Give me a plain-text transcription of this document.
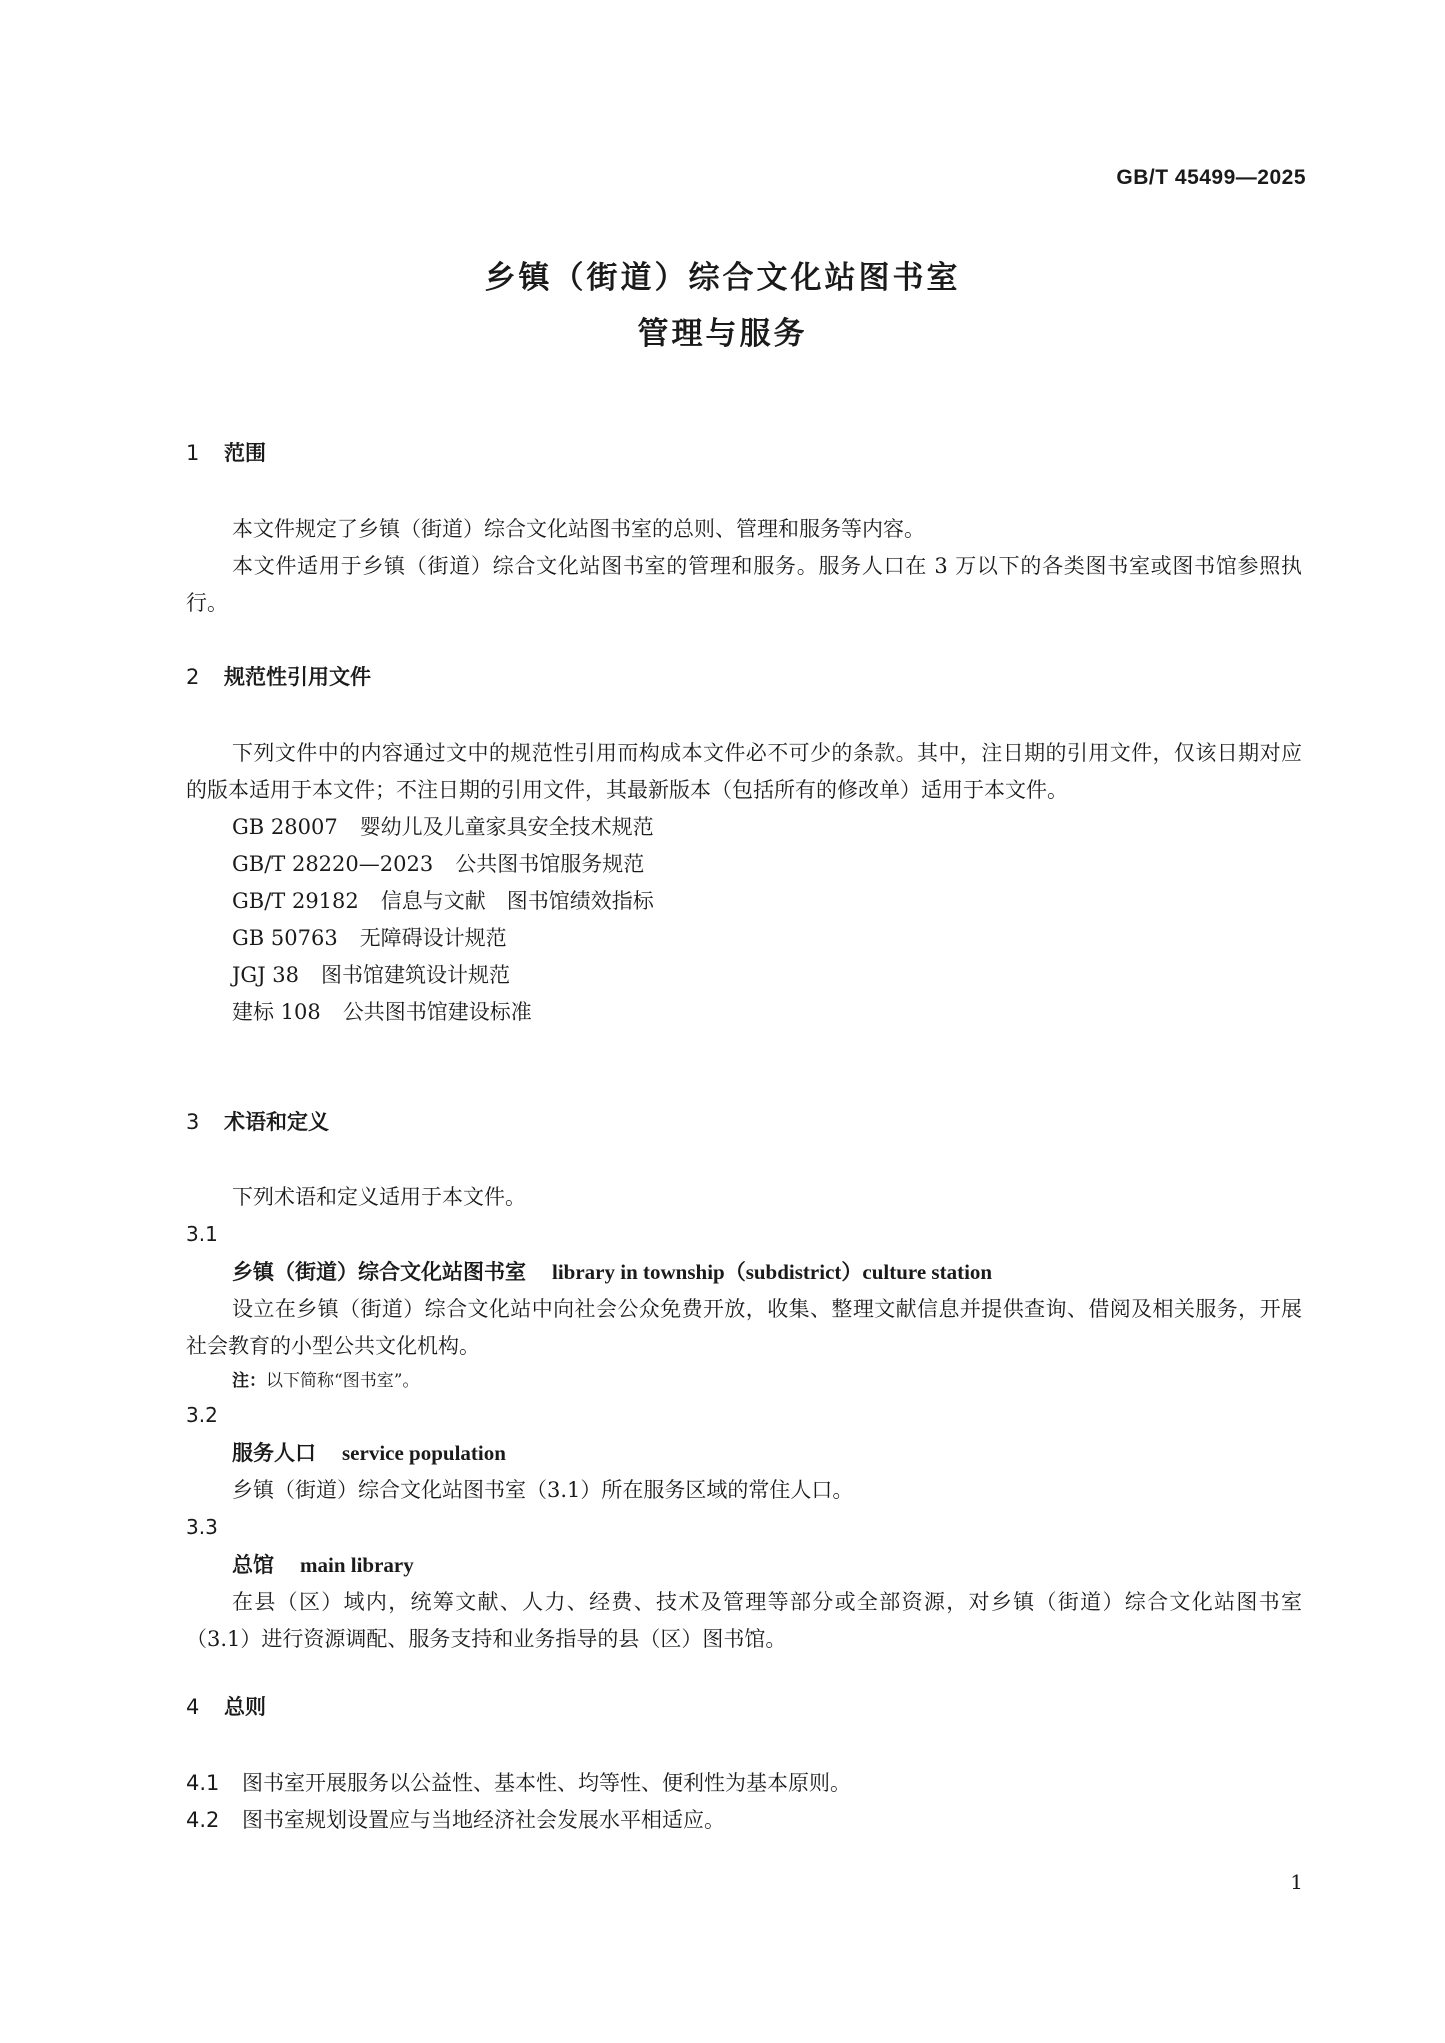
GB/T 45499—2025
乡镇（街道）综合文化站图书室
管理与服务
1 范围

本文件规定了乡镇（街道）综合文化站图书室的总则、管理和服务等内容。

本文件适用于乡镇（街道）综合文化站图书室的管理和服务。服务人口在 3 万以下的各类图书室或图书馆参照执行。

2 规范性引用文件

下列文件中的内容通过文中的规范性引用而构成本文件必不可少的条款。其中，注日期的引用文件，仅该日期对应的版本适用于本文件；不注日期的引用文件，其最新版本（包括所有的修改单）适用于本文件。

GB 28007 婴幼儿及儿童家具安全技术规范
GB/T 28220—2023 公共图书馆服务规范
GB/T 29182 信息与文献　图书馆绩效指标
GB 50763 无障碍设计规范
JGJ 38 图书馆建筑设计规范
建标 108 公共图书馆建设标准
3 术语和定义

下列术语和定义适用于本文件。

3.1
乡镇（街道）综合文化站图书室 library in township（subdistrict）culture station

设立在乡镇（街道）综合文化站中向社会公众免费开放，收集、整理文献信息并提供查询、借阅及相关服务，开展社会教育的小型公共文化机构。

注：以下简称“图书室”。
3.2
服务人口 service population

乡镇（街道）综合文化站图书室（3.1）所在服务区域的常住人口。

3.3
总馆 main library

在县（区）域内，统筹文献、人力、经费、技术及管理等部分或全部资源，对乡镇（街道）综合文化站图书室（3.1）进行资源调配、服务支持和业务指导的县（区）图书馆。

4 总则
4.1 图书室开展服务以公益性、基本性、均等性、便利性为基本原则。
4.2 图书室规划设置应与当地经济社会发展水平相适应。
1
